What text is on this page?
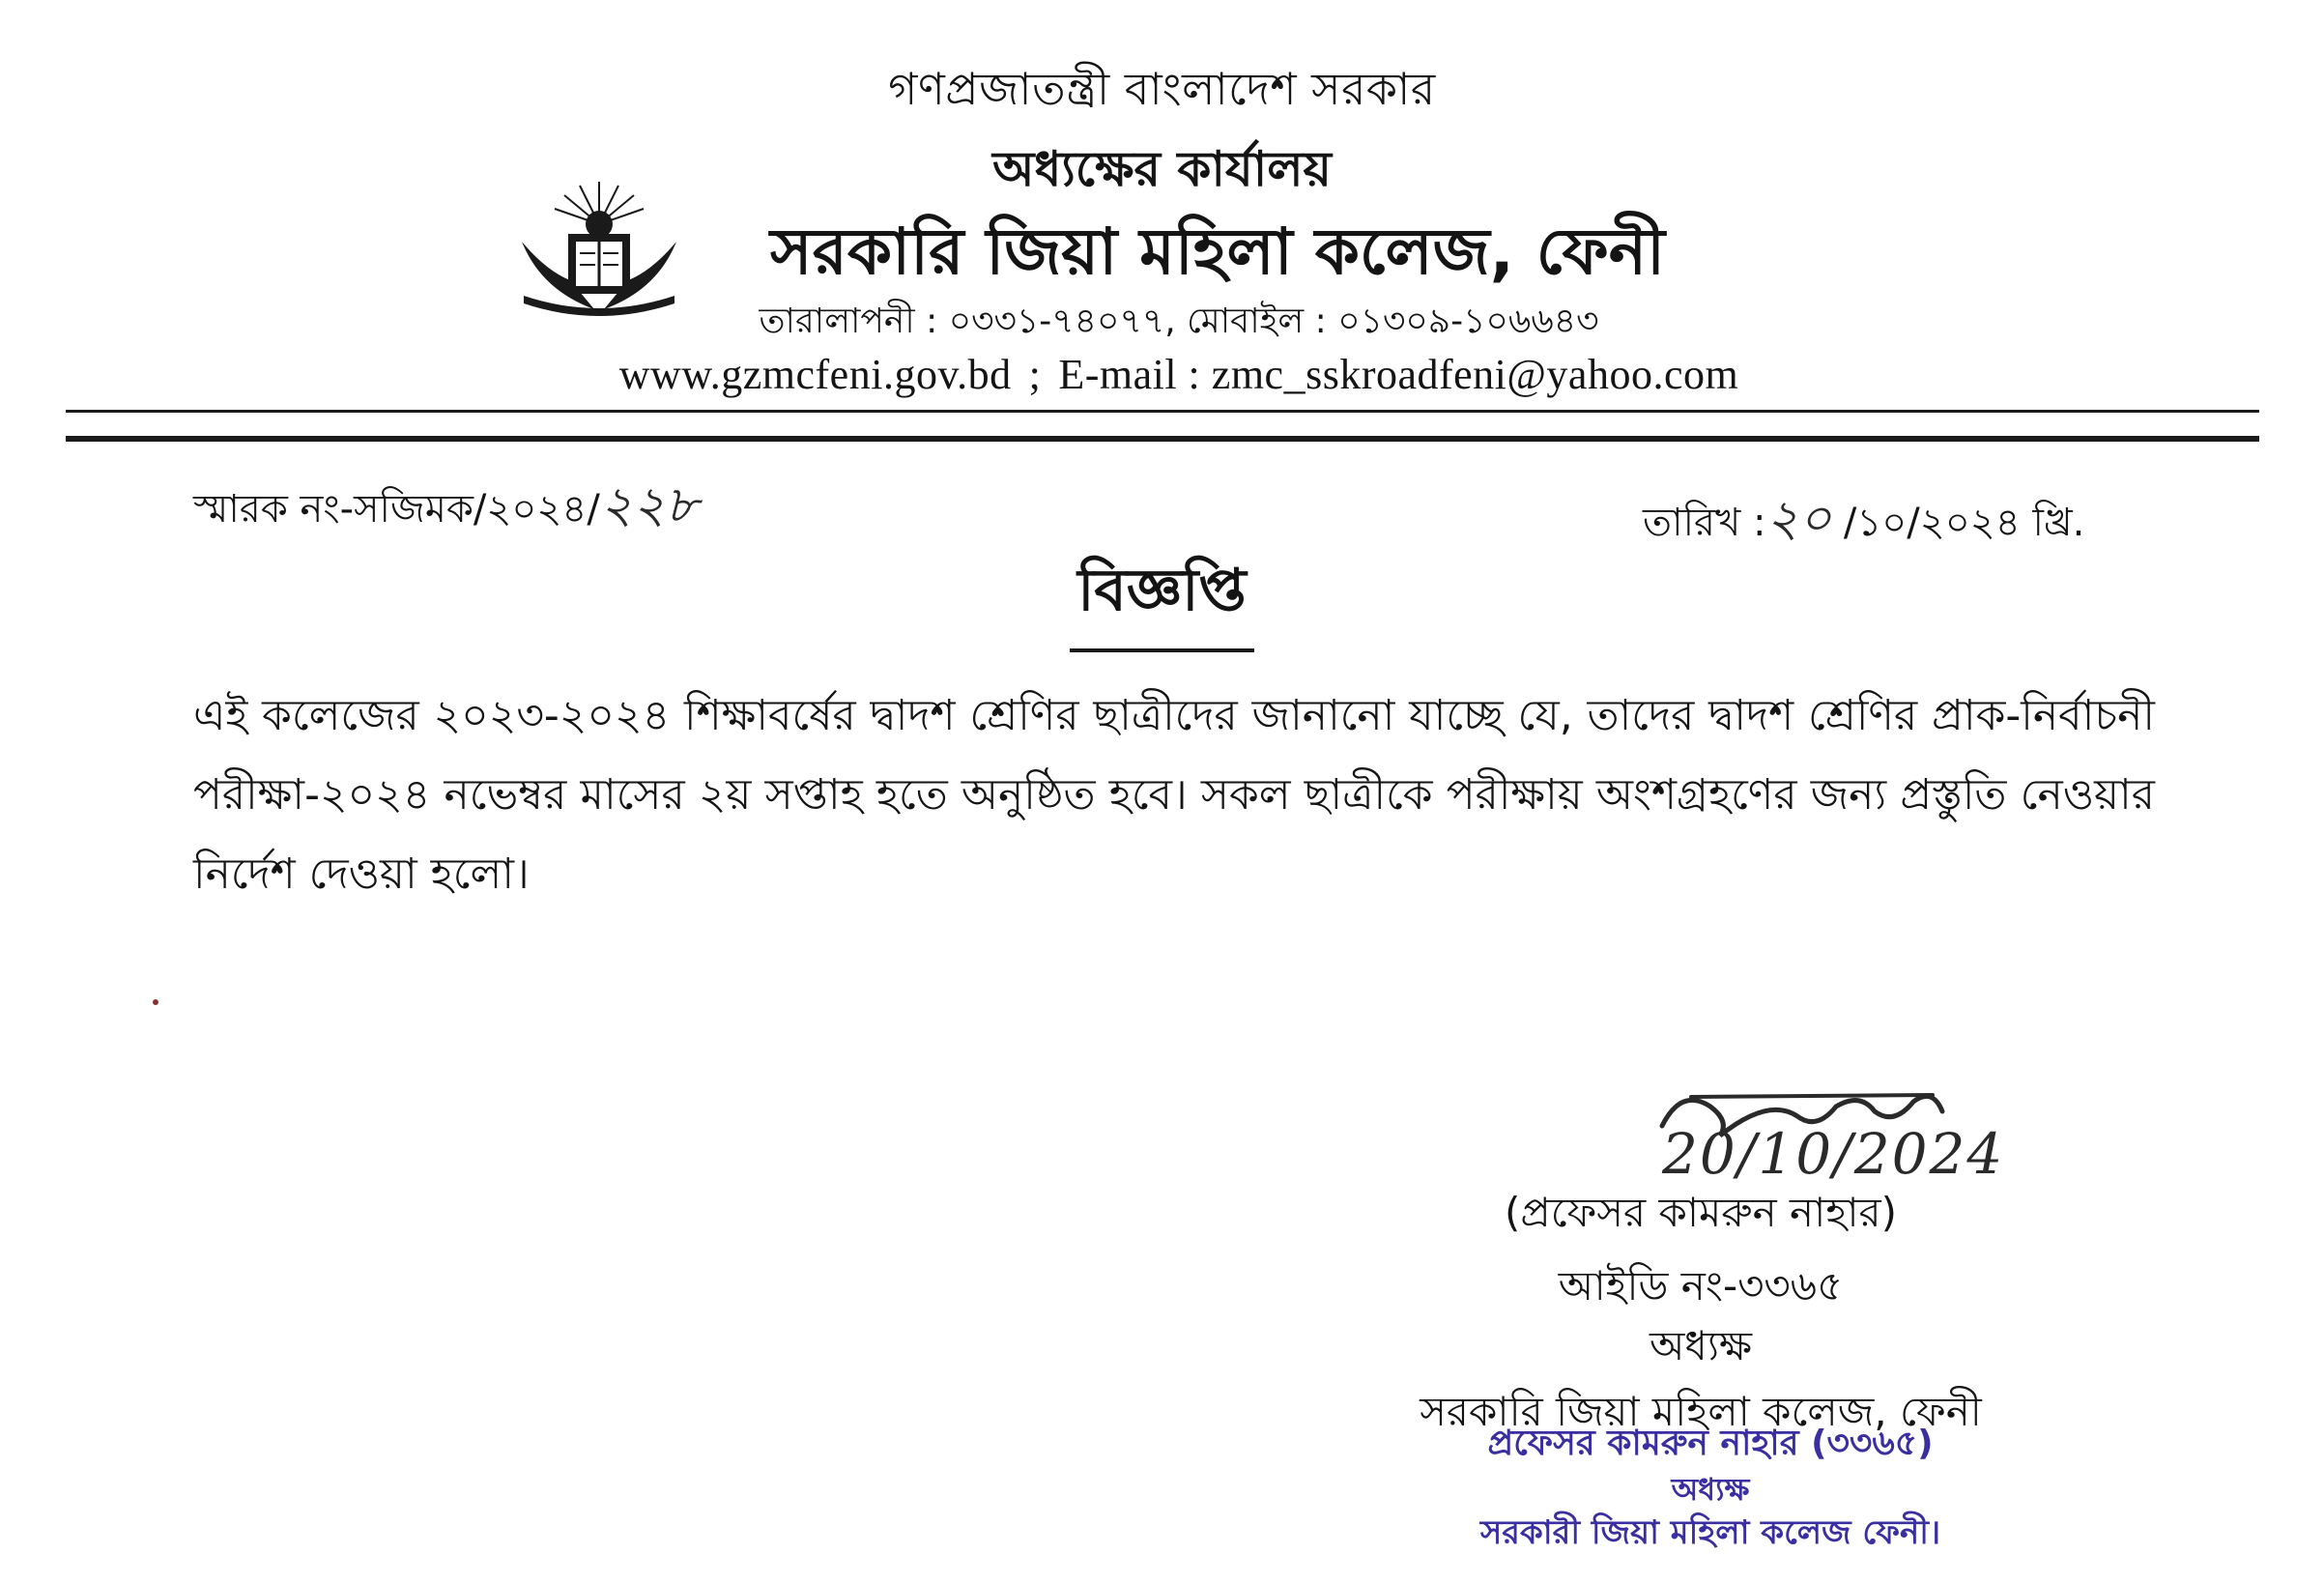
গণপ্রজাতন্ত্রী বাংলাদেশ সরকার
অধ্যক্ষের কার্যালয়
সরকারি জিয়া মহিলা কলেজ, ফেনী
তারালাপনী : ০৩৩১-৭৪০৭৭, মোবাইল : ০১৩০৯-১০৬৬৪৩
www.gzmcfeni.gov.bd ; E-mail : zmc_sskroadfeni@yahoo.com
স্মারক নং-সজিমক/২০২৪/২২৮	তারিখ :২০ /১০/২০২৪ খ্রি.
বিজ্ঞপ্তি
এই কলেজের ২০২৩-২০২৪ শিক্ষাবর্ষের দ্বাদশ শ্রেণির ছাত্রীদের জানানো যাচ্ছে যে, তাদের দ্বাদশ শ্রেণির প্রাক-নির্বাচনী পরীক্ষা-২০২৪ নভেম্বর মাসের ২য় সপ্তাহ হতে অনুষ্ঠিত হবে। সকল ছাত্রীকে পরীক্ষায় অংশগ্রহণের জন্য প্রস্তুতি নেওয়ার নির্দেশ দেওয়া হলো।
20/10/2024
(প্রফেসর কামরুন নাহার)
আইডি নং-৩৩৬৫
অধ্যক্ষ
সরকারি জিয়া মহিলা কলেজ, ফেনী
প্রফেসর কামরুন নাহার (৩৩৬৫)
অধ্যক্ষ
সরকারী জিয়া মহিলা কলেজ ফেনী।
